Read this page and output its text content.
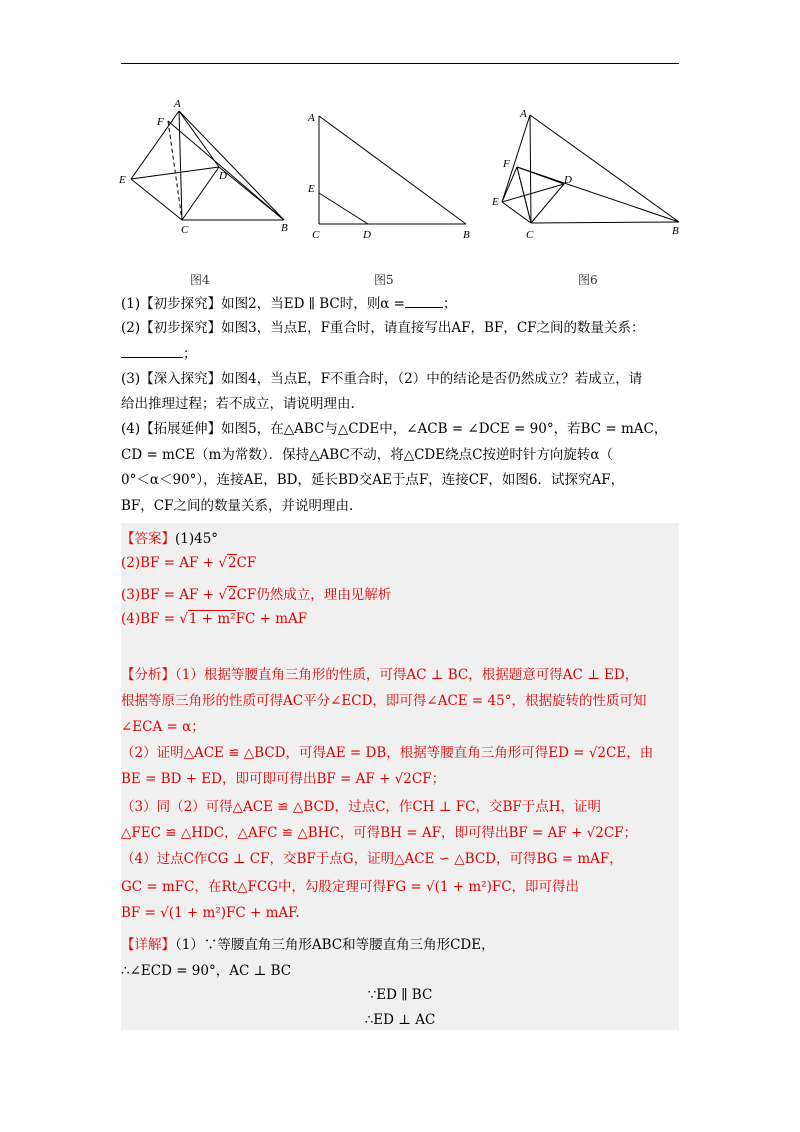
A
F
E	D
C	B
A
E
C	D	B
A
F
D
E
C	B
图4	图5	图6
(1)【初步探究】如图2，当ED ∥ BC时，则α =	；
(2)【初步探究】如图3，当点E，F重合时，请直接写出AF，BF，CF之间的数量关系：
；
(3)【深入探究】如图4，当点E，F不重合时，（2）中的结论是否仍然成立？若成立，请
给出推理过程；若不成立，请说明理由.
(4)【拓展延伸】如图5，在△ABC与△CDE中，∠ACB = ∠DCE = 90°，若BC = mAC，
CD = mCE（m为常数）．保持△ABC不动，将△CDE绕点C按逆时针方向旋转α（
0°＜α＜90°），连接AE，BD，延长BD交AE于点F，连接CF，如图6．试探究AF，
BF，CF之间的数量关系，并说明理由.
【答案】(1)45°
(2)BF = AF + √2CF
(3)BF = AF + √2CF仍然成立，理由见解析
(4)BF = √1 + m²FC + mAF
【分析】（1）根据等腰直角三角形的性质，可得AC ⊥ BC，根据题意可得AC ⊥ ED，
根据等原三角形的性质可得AC平分∠ECD，即可得∠ACE = 45°，根据旋转的性质可知
∠ECA = α；
（2）证明△ACE ≌ △BCD，可得AE = DB，根据等腰直角三角形可得ED = √2CE，由
BE = BD + ED，即可即可得出BF = AF + √2CF；
（3）同（2）可得△ACE ≌ △BCD，过点C，作CH ⊥ FC，交BF于点H，证明
△FEC ≌ △HDC，△AFC ≌ △BHC，可得BH = AF，即可得出BF = AF + √2CF；
（4）过点C作CG ⊥ CF，交BF于点G，证明△ACE ∽ △BCD，可得BG = mAF，
GC = mFC，在Rt△FCG中，勾股定理可得FG = √(1 + m²)FC，即可得出
BF = √(1 + m²)FC + mAF.
【详解】（1）∵等腰直角三角形ABC和等腰直角三角形CDE，
∴∠ECD = 90°，AC ⊥ BC
∵ED ∥ BC
∴ED ⊥ AC
